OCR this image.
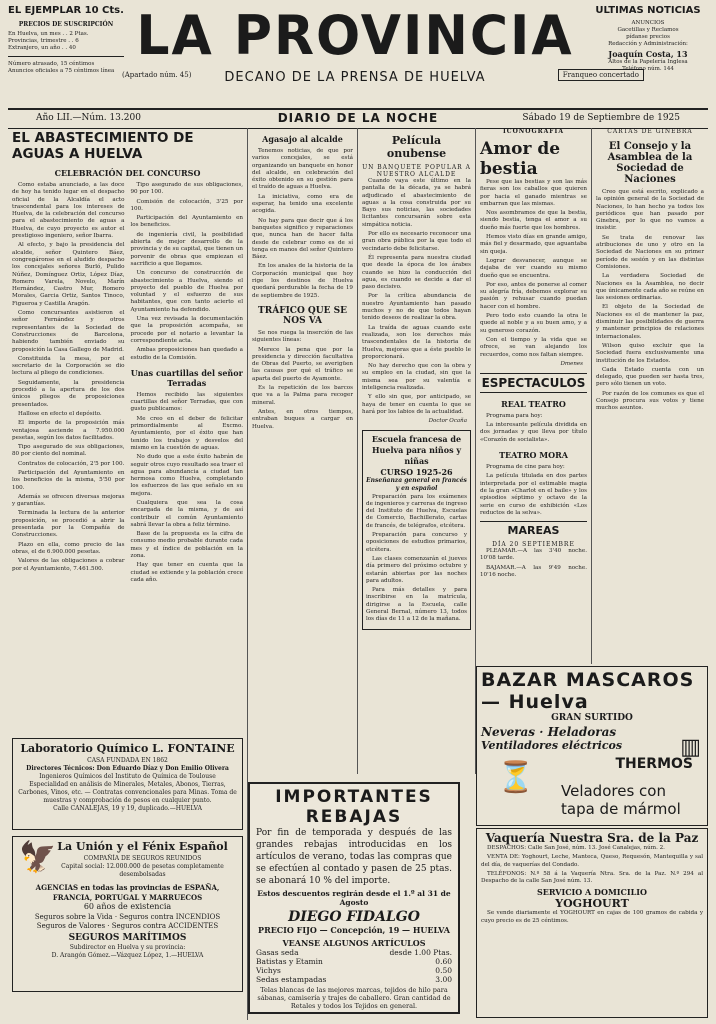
EL EJEMPLAR 10 Cts.
PRECIOS DE SUSCRIPCIÓN
En Huelva, un mes . . 2 Ptas.
Provincias, trimestre . . 6
Extranjero, un año . . 40
Número atrasado, 15 céntimos
Anuncios oficiales a 75 céntimos línea
LA PROVINCIA
DECANO DE LA PRENSA DE HUELVA
(Apartado núm. 45)	Franqueo concertado
ULTIMAS NOTICIAS
ANUNCIOS
Gacetillas y Reclamos
pídanse precios
Redacción y Administración:
Joaquín Costa, 13
Altos de la Papelería Inglesa
Teléfono núm. 144
Año LII.—Núm. 13.200	DIARIO DE LA NOCHE	Sábado 19 de Septiembre de 1925
EL ABASTECIMIENTO DE AGUAS A HUELVA
CELEBRACIÓN DEL CONCURSO

Como estaba anunciado, a las doce de hoy ha tenido lugar en el despacho oficial de la Alcaldía el acto trascendental para los intereses de Huelva, de la celebración del concurso para el abastecimiento de aguas a Huelva, de cuyo proyecto es autor el prestigioso ingeniero, señor Ibarra.

Al efecto, y bajo la presidencia del alcalde, señor Quintero Báez, congregáronse en el aludido despacho los concejales señores Burló, Pulido Núñez, Domínguez Ortiz, López Díaz, Romero Varela, Novelo, Marín Hernández, Castro Mur, Romero Morales, Garcia Ortiz, Santos Tinoco, Figueroa y Castilla Aragón.

Como concursantes asistieron el señor Fernández y otros representantes de la Sociedad de Construcciones de Barcelona, habiendo también enviado su proposición la Casa Gallego de Madrid.

Constituida la mesa, por el secretario de la Corporación se dio lectura al pliego de condiciones.

Seguidamente, la presidencia procedió a la apertura de los dos únicos pliegos de proposiciones presentados.

Hallose en efecto el depósito.

El importe de la proposición más ventajosa asciende a 7.950.000 pesetas, según los datos facilitados.

Tipo asegurado de sus obligaciones, 80 por ciento del nominal.

Contratos de colocación, 2'5 por 100.

Participación del Ayuntamiento en los beneficios de la misma, 5'50 por 100.

Además se ofrecen diversas mejoras y garantías.

Terminada la lectura de la anterior proposición, se procedió a abrir la presentada por la Compañía de Construcciones.

Plazo en ella, como precio de las obras, el de 6.900.000 pesetas.

Valores de las obligaciones a cobrar por el Ayuntamiento, 7.461.500.

Tipo asegurado de sus obligaciones, 90 por 100.

Comisión de colocación, 3'25 por 100.

Participación del Ayuntamiento en los beneficios.

de ingeniería civil, la posibilidad abierta de mejor desarrollo de la provincia y de su capital, que tienen un porvenir de obras que empiezan el sacrificio a que llegamos.

Un concurso de construcción de abastecimiento a Huelva, siendo el proyecto del pueblo de Huelva por voluntad y el esfuerzo de sus habitantes, que con tanto acierto el Ayuntamiento ha defendido.

Una vez revisada la documentación que la proposición acompaña, se procede por el notario a levantar la correspondiente acta.

Ambas proposiciones han quedado a estudio de la Comisión.

Unas cuartillas del señor Terradas

Hemos recibido las siguientes cuartillas del señor Terradas, que con gusto publicamos:

Me creo en el deber de felicitar primordialmente al Excmo. Ayuntamiento, por el éxito que han tenido los trabajos y desvelos del mismo en la cuestión de aguas.

No dudo que a este éxito habrán de seguir otros cuyo resultado sea traer el agua para abundancia a ciudad tan hermosa como Huelva, completando los esfuerzos de las que señalo en su mejora.

Cualquiera que sea la cosa encargada de la misma, y de así contribuir el común Ayuntamiento sabrá llevar la obra a feliz término.

Base de la propuesta es la cifra de consumo medio probable durante cada mes y el índice de población en la zona.

Hay que tener en cuenta que la ciudad se extiende y la población crece cada año.

Laboratorio Químico L. FONTAINE
CASA FUNDADA EN 1862
Directores Técnicos: Don Eduardo Díaz y Don Emilio Olivera
Ingenieros Químicos del Instituto de Química de Toulouse
Especialidad en análisis de Minerales, Metales, Abonos, Tierras, Carbones, Vinos, etc. — Contratas convencionales para Minas. Toma de muestras y comprobación de pesos en cualquier punto.
Calle CANALEJAS, 19 y 19, duplicado.—HUELVA
🦅 La Unión y el Fénix Español
COMPAÑÍA DE SEGUROS REUNIDOS
Capital social: 12.000.000 de pesetas completamente desembolsadas
AGENCIAS en todas las provincias de ESPAÑA, FRANCIA, PORTUGAL Y MARRUECOS
60 años de existencia
Seguros sobre la Vida · Seguros contra INCENDIOS
Seguros de Valores · Seguros contra ACCIDENTES
SEGUROS MARÍTIMOS
Subdirector en Huelva y su provincia:
D. Arangón Gómez.—Vázquez López, 1.—HUELVA
Agasajo al alcalde

Tenemos noticias, de que por varios concejales, se está organizando un banquete en honor del alcalde, en celebración del éxito obtenido en su gestión para el traído de aguas a Huelva.

La iniciativa, como era de esperar, ha tenido una excelente acogida.

No hay para que decir que á los banquetes significo y reparaciones que, nunca han de hacer falta desde de celebrar como es de sí tenga en manos del señor Quintero Báez.

En los anales de la historia de la Corporación municipal que hoy rige los destinos de Huelva quedará perdurable la fecha de 19 de septiembre de 1925.

TRÁFICO QUE SE NOS VA

Se nos ruega la inserción de las siguientes líneas:

Merece la pena que por la presidencia y dirección facultativa de Obras del Puerto, se averigüen las causas por qué el tráfico se aparta del puerto de Ayamonte.

Es la repetición de los barcos que va a la Palma para recoger mineral.

Antes, en otros tiempos, entraban buques a cargar en Huelva.

Película onubense
UN BANQUETE POPULAR A NUESTRO ALCALDE

Cuando vaya este último en la pantalla de la década, ya se habrá adjudicado el abastecimiento de aguas a la cosa construida por su Bayo sus noticias, las sociedades licitantes concursarán sobre esta simpática noticia.

Por ello es necesario reconocer una gran obra pública por la que todo el vecindario debe felicitarse.

Él representa para nuestra ciudad que desde la época de los árabes cuando se hizo la conducción del agua, es cuando se decide a dar el paso decisivo.

Por la crítica abundancia de nuestro Ayuntamiento han pasado muchos y no de que todos hayan tenido deseos de realizar la obra.

La traída de aguas cuando este realizada, son los derechos más trascendentales de la historia de Huelva, mejoras que a éste pueblo le proporcionará.

No hay derecho que con la obra y su empleo en la ciudad, sin que la misma sea por su valentía e inteligencia realizada.

Y ello sin que, por anticipado, se haya de tener en cuenta lo que se hará por los labios de la actualidad.

Doctor Ocaña
Escuela francesa de Huelva para niños y niñas
CURSO 1925-26
Enseñanza general en francés y en español

Preparación para los exámenes de ingenieros y carreras de ingreso del Instituto de Huelva, Escuelas de Comercio, Bachillerato, cartas de francés, de telégrafos, etcétera.

Preparación para concurso y oposiciones de estudios primarios, etcétera.

Las clases comenzarán el jueves día primero del próximo octubre y estarán abiertas por las noches para adultos.

Para más detalles y para inscribirse en la matrícula, dirigirse a la Escuela, calle General Bernal, número 13, todos los días de 11 a 12 de la mañana.

ICONOGRAFIA
Amor de bestia

Pese que las bestias y son las más fieras son los caballos que quieren por hacia el ganado mientras se embarran que las mismas.

Nos asombramos de que la bestia, siendo bestia, tenga el amor a su dueño más fuerte que los hombres.

Hemos visto días en grande amigo, más fiel y desarmado, que aguantaba sin queja.

Lograr desvanecer, aunque se dejaba de ver cuando su mismo dueño que se encuentra.

Por eso, antes de ponerse al comer su alegría fría, debemos explorar su pasión y rehusar cuando puedan hacer con el hombre.

Pero todo esto cuando la otra le quede al noble y a su buen amo, y a su generoso corazón.

Con el tiempo y la vida que se ofrece, se van alejando los recuerdos, como nos faltan siempre.

Dmenes
ESPECTACULOS
REAL TEATRO

Programa para hoy:

La interesante película dividida en dos jornadas y que lleva por título «Corazón de socialista».

TEATRO MORA

Programa de cine para hoy:

La película titulada en dos partes interpretada por el estimable magia de la gran «Charlot en el baile» y los episodios séptimo y octavo de la serie en curso de exhibición «Los reductos de la selva».

MAREAS
DÍA 20 SEPTIEMBRE

PLEAMAR.—A las 3'40 noche. 10'08 tarde.

BAJAMAR.—A las 9'49 noche. 10'16 noche.

CARTAS DE GINEBRA
El Consejo y la Asamblea de la Sociedad de Naciones

Creo que está escrito, explicado a la opinión general de la Sociedad de Naciones, lo han hecho ya todos los periódicos que han pasado por Ginebra, por lo que no vamos a insistir.

Se trata de renovar las atribuciones de uno y otro en la Sociedad de Naciones en su primer período de sesión y en las distintas Comisiones.

La verdadera Sociedad de Naciones es la Asamblea, no decir que únicamente cada año se reúne en las sesiones ordinarias.

El objeto de la Sociedad de Naciones es el de mantener la paz, disminuir las posibilidades de guerra y mantener principios de relaciones internacionales.

Wilson quiso excluir que la Sociedad fuera exclusivamente una institución de los Estados.

Cada Estado cuenta con un delegado, que pueden ser hasta tres, pero sólo tienen un voto.

Por razón de los comunes es que el Consejo procura sus votos y tiene muchos asuntos.

BAZAR MASCAROS — Huelva
GRAN SURTIDO
Neveras · Heladoras
Ventiladores eléctricos
THERMOS
⏳
▥
Veladores con tapa de mármol
Vaquería Nuestra Sra. de la Paz

DESPACHOS: Calle San José, núm. 13. José Canalejas, núm. 2.

VENTA DE: Yoghourt, Leche, Manteca, Queso, Requesón, Mantequilla y sal del día, de vaquerías del Condado.

TELÉFONOS: N.º 58 á la Vaquería Ntra. Sra. de la Paz. N.º 294 al Despacho de la calle San José núm. 13.

SERVICIO A DOMICILIO
YOGHOURT

Se vende diariamente el YOGHOURT en cajas de 100 gramos de cabida y cuyo precio es de 25 céntimos.

IMPORTANTES REBAJAS
Por fin de temporada y después de las grandes rebajas introducidas en los artículos de verano, todas las compras que se efectúen al contado y pasen de 25 ptas. se abonará 10 % del importe.
Estos descuentos regirán desde el 1.º al 31 de Agosto
DIEGO FIDALGO
PRECIO FIJO — Concepción, 19 — HUELVA
VEANSE ALGUNOS ARTÍCULOS
Gasas seda	desde 1.00 Ptas.
Batistas y Etamin	0.60
Vichys	0.50
Sedas estampadas	3.00
Telas blancas de las mejores marcas, tejidos de hilo para sábanas, camisería y trajes de caballero. Gran cantidad de Retales y todos los Tejidos en general.
